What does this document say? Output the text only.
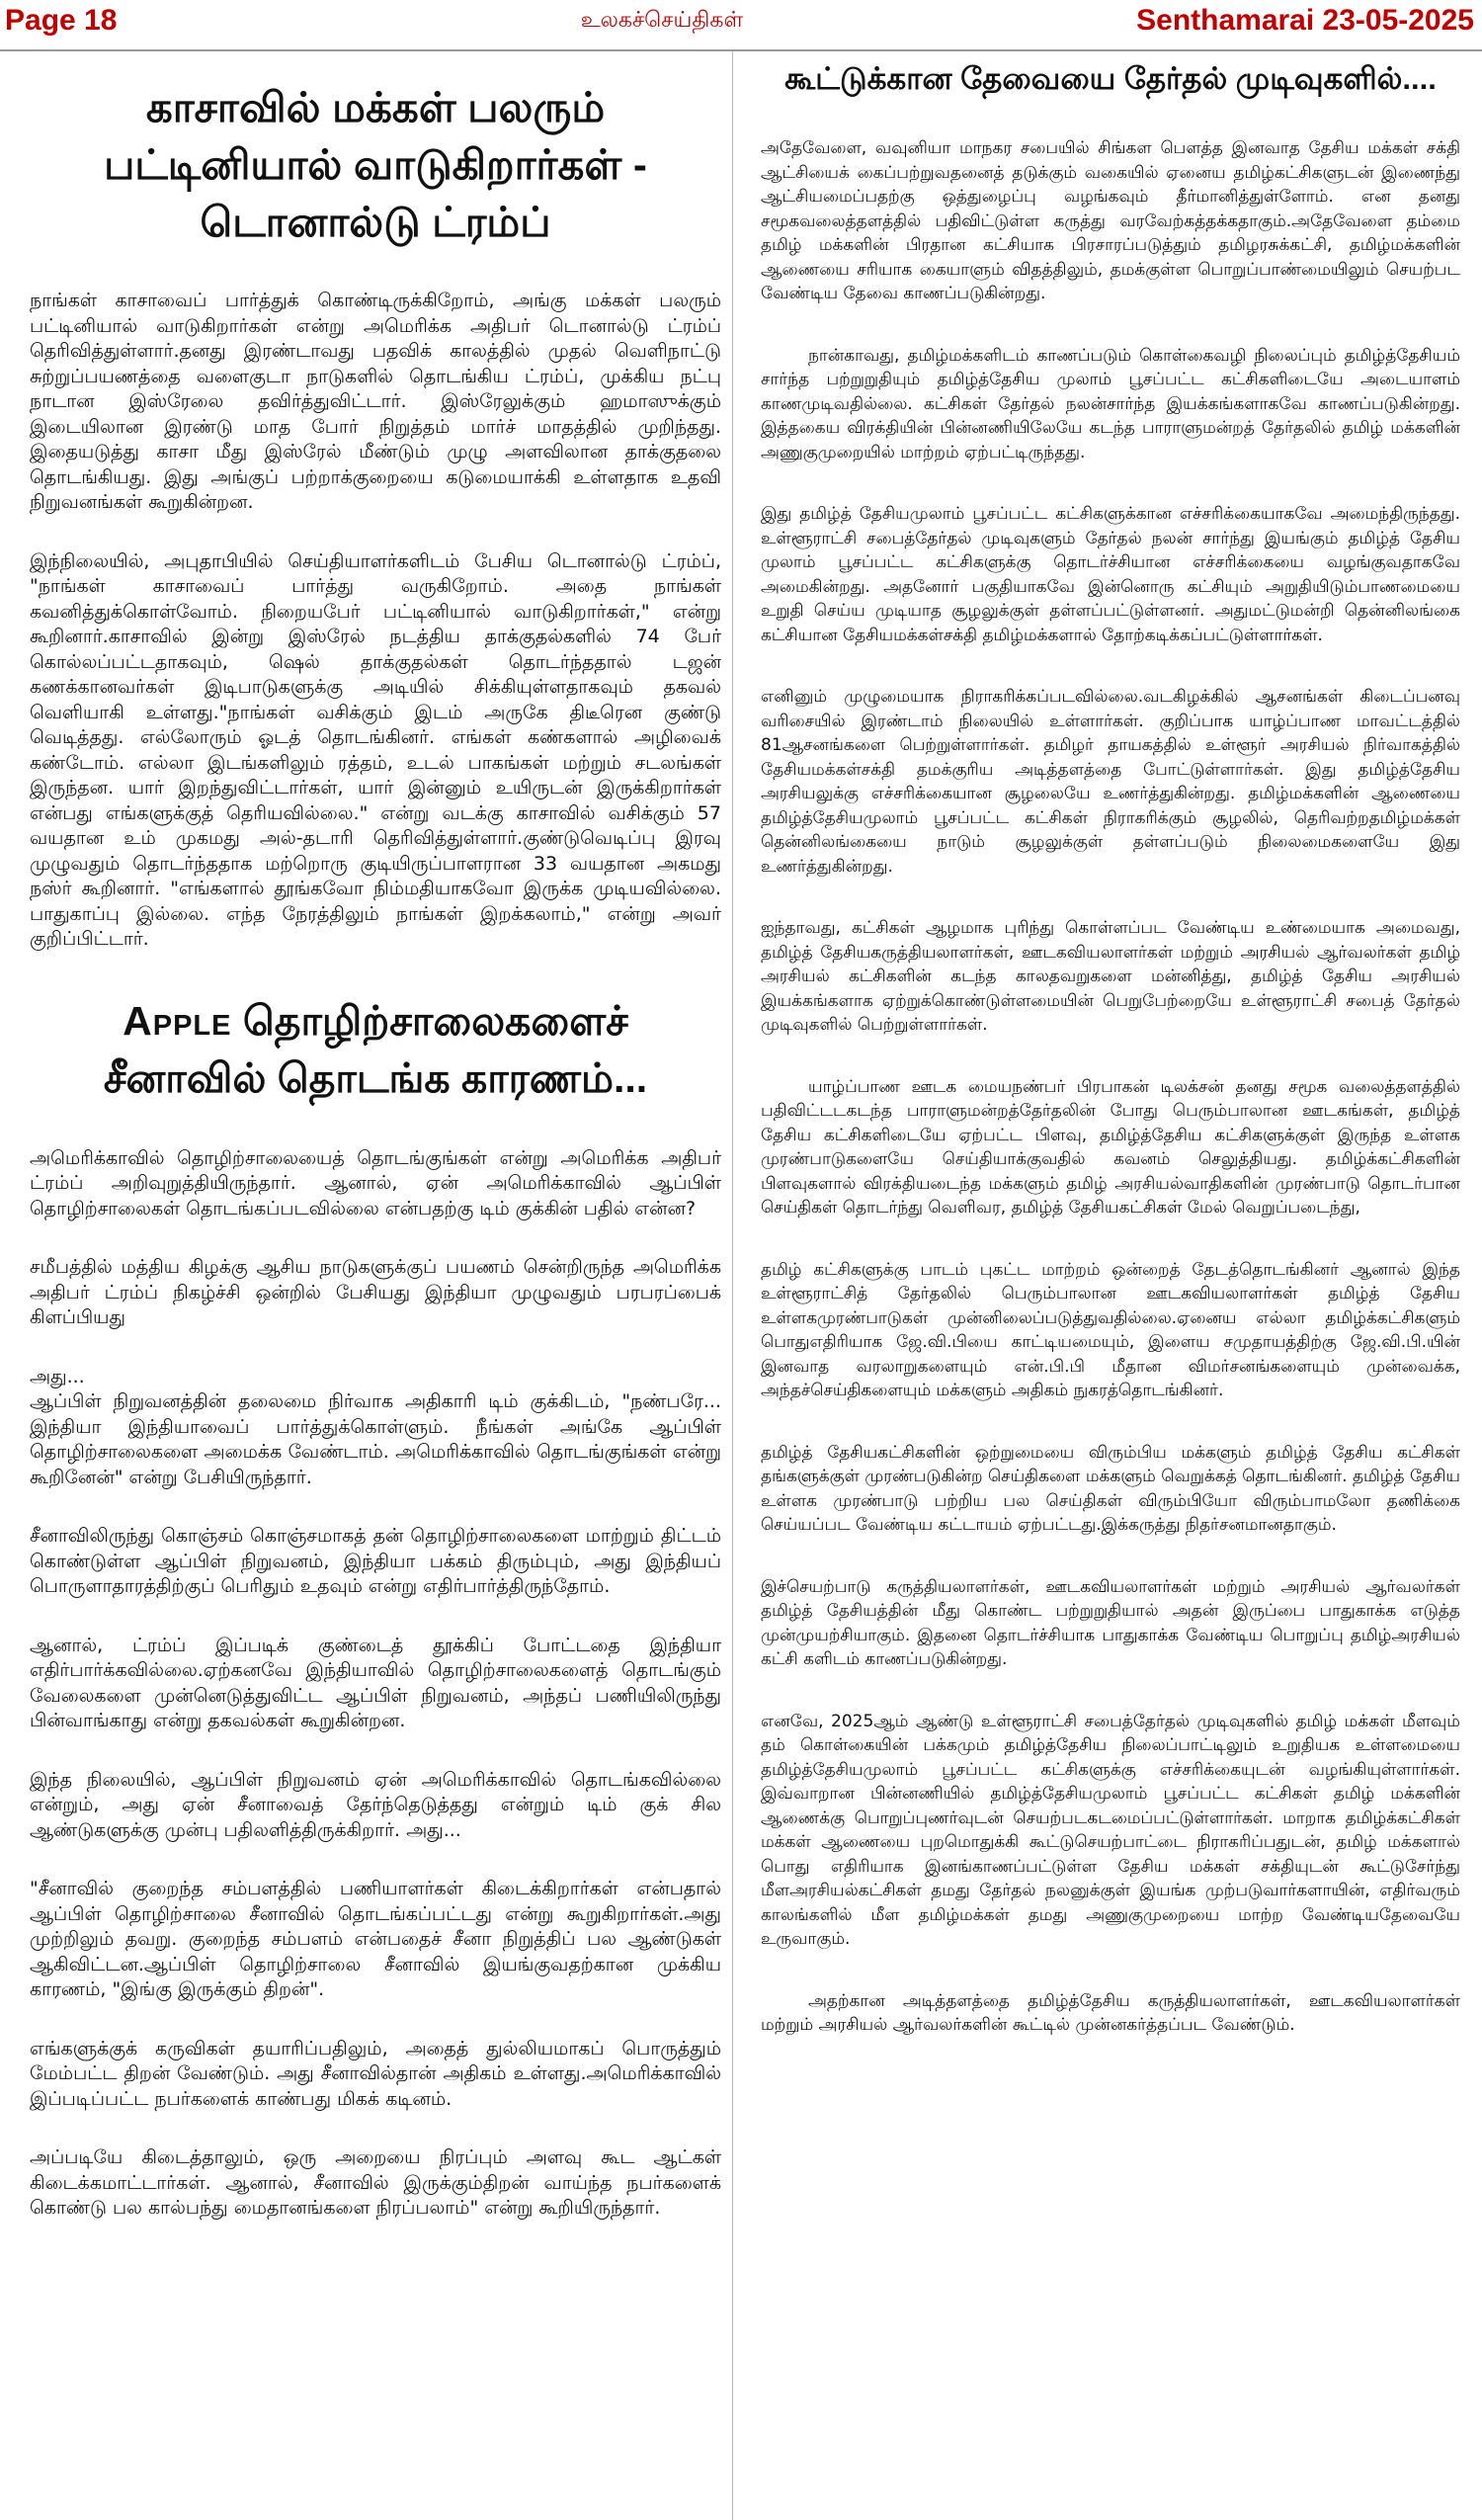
Page 18	உலகச்செய்திகள்	Senthamarai 23-05-2025
காசாவில் மக்கள் பலரும் பட்டினியால் வாடுகிறார்கள் - டொனால்டு ட்ரம்ப்

நாங்கள் காசாவைப் பார்த்துக் கொண்டிருக்கிறோம், அங்கு மக்கள் பலரும் பட்டினியால் வாடுகிறார்கள் என்று அமெரிக்க அதிபர் டொனால்டு ட்ரம்ப் தெரிவித்துள்ளார்.தனது இரண்டாவது பதவிக் காலத்தில் முதல் வெளிநாட்டு சுற்றுப்பயணத்தை வளைகுடா நாடுகளில் தொடங்கிய ட்ரம்ப், முக்கிய நட்பு நாடான இஸ்ரேலை தவிர்த்துவிட்டார். இஸ்ரேலுக்கும் ஹமாஸுக்கும் இடையிலான இரண்டு மாத போர் நிறுத்தம் மார்ச் மாதத்தில் முறிந்தது. இதையடுத்து காசா மீது இஸ்ரேல் மீண்டும் முழு அளவிலான தாக்குதலை தொடங்கியது. இது அங்குப் பற்றாக்குறையை கடுமையாக்கி உள்ளதாக உதவி நிறுவனங்கள் கூறுகின்றன.

இந்நிலையில், அபுதாபியில் செய்தியாளர்களிடம் பேசிய டொனால்டு ட்ரம்ப், "நாங்கள் காசாவைப் பார்த்து வருகிறோம். அதை நாங்கள் கவனித்துக்கொள்வோம். நிறையபேர் பட்டினியால் வாடுகிறார்கள்," என்று கூறினார்.காசாவில் இன்று இஸ்ரேல் நடத்திய தாக்குதல்களில் 74 பேர் கொல்லப்பட்டதாகவும், ஷெல் தாக்குதல்கள் தொடர்ந்ததால் டஜன் கணக்கானவர்கள் இடிபாடுகளுக்கு அடியில் சிக்கியுள்ளதாகவும் தகவல் வெளியாகி உள்ளது."நாங்கள் வசிக்கும் இடம் அருகே திடீரென குண்டு வெடித்தது. எல்லோரும் ஓடத் தொடங்கினர். எங்கள் கண்களால் அழிவைக் கண்டோம். எல்லா இடங்களிலும் ரத்தம், உடல் பாகங்கள் மற்றும் சடலங்கள் இருந்தன. யார் இறந்துவிட்டார்கள், யார் இன்னும் உயிருடன் இருக்கிறார்கள் என்பது எங்களுக்குத் தெரியவில்லை." என்று வடக்கு காசாவில் வசிக்கும் 57 வயதான உம் முகமது அல்-தடாரி தெரிவித்துள்ளார்.குண்டுவெடிப்பு இரவு முழுவதும் தொடர்ந்ததாக மற்றொரு குடியிருப்பாளரான 33 வயதான அகமது நஸ்ர் கூறினார். "எங்களால் தூங்கவோ நிம்மதியாகவோ இருக்க முடியவில்லை. பாதுகாப்பு இல்லை. எந்த நேரத்திலும் நாங்கள் இறக்கலாம்," என்று அவர் குறிப்பிட்டார்.

Apple தொழிற்சாலைகளைச்
சீனாவில் தொடங்க காரணம்...

அமெரிக்காவில் தொழிற்சாலையைத் தொடங்குங்கள் என்று அமெரிக்க அதிபர் ட்ரம்ப் அறிவுறுத்தியிருந்தார். ஆனால், ஏன் அமெரிக்காவில் ஆப்பிள் தொழிற்சாலைகள் தொடங்கப்படவில்லை என்பதற்கு டிம் குக்கின் பதில் என்ன?

சமீபத்தில் மத்திய கிழக்கு ஆசிய நாடுகளுக்குப் பயணம் சென்றிருந்த அமெரிக்க அதிபர் ட்ரம்ப் நிகழ்ச்சி ஒன்றில் பேசியது இந்தியா முழுவதும் பரபரப்பைக் கிளப்பியது

அது...

ஆப்பிள் நிறுவனத்தின் தலைமை நிர்வாக அதிகாரி டிம் குக்கிடம், "நண்பரே... இந்தியா இந்தியாவைப் பார்த்துக்கொள்ளும். நீங்கள் அங்கே ஆப்பிள் தொழிற்சாலைகளை அமைக்க வேண்டாம். அமெரிக்காவில் தொடங்குங்கள் என்று கூறினேன்" என்று பேசியிருந்தார்.

சீனாவிலிருந்து கொஞ்சம் கொஞ்சமாகத் தன் தொழிற்சாலைகளை மாற்றும் திட்டம் கொண்டுள்ள ஆப்பிள் நிறுவனம், இந்தியா பக்கம் திரும்பும், அது இந்தியப் பொருளாதாரத்திற்குப் பெரிதும் உதவும் என்று எதிர்பார்த்திருந்தோம்.

ஆனால், ட்ரம்ப் இப்படிக் குண்டைத் தூக்கிப் போட்டதை இந்தியா எதிர்பார்க்கவில்லை.ஏற்கனவே இந்தியாவில் தொழிற்சாலைகளைத் தொடங்கும் வேலைகளை முன்னெடுத்துவிட்ட ஆப்பிள் நிறுவனம், அந்தப் பணியிலிருந்து பின்வாங்காது என்று தகவல்கள் கூறுகின்றன.

இந்த நிலையில், ஆப்பிள் நிறுவனம் ஏன் அமெரிக்காவில் தொடங்கவில்லை என்றும், அது ஏன் சீனாவைத் தேர்ந்தெடுத்தது என்றும் டிம் குக் சில ஆண்டுகளுக்கு முன்பு பதிலளித்திருக்கிறார். அது...

"சீனாவில் குறைந்த சம்பளத்தில் பணியாளர்கள் கிடைக்கிறார்கள் என்பதால் ஆப்பிள் தொழிற்சாலை சீனாவில் தொடங்கப்பட்டது என்று கூறுகிறார்கள்.அது முற்றிலும் தவறு. குறைந்த சம்பளம் என்பதைச் சீனா நிறுத்திப் பல ஆண்டுகள் ஆகிவிட்டன.ஆப்பிள் தொழிற்சாலை சீனாவில் இயங்குவதற்கான முக்கிய காரணம், "இங்கு இருக்கும் திறன்".

எங்களுக்குக் கருவிகள் தயாரிப்பதிலும், அதைத் துல்லியமாகப் பொருத்தும் மேம்பட்ட திறன் வேண்டும். அது சீனாவில்தான் அதிகம் உள்ளது.அமெரிக்காவில் இப்படிப்பட்ட நபர்களைக் காண்பது மிகக் கடினம்.

அப்படியே கிடைத்தாலும், ஒரு அறையை நிரப்பும் அளவு கூட ஆட்கள் கிடைக்கமாட்டார்கள். ஆனால், சீனாவில் இருக்கும்திறன் வாய்ந்த நபர்களைக் கொண்டு பல கால்பந்து மைதானங்களை நிரப்பலாம்" என்று கூறியிருந்தார்.

கூட்டுக்கான தேவையை தேர்தல் முடிவுகளில்....

அதேவேளை, வவுனியா மாநகர சபையில் சிங்கள பௌத்த இனவாத தேசிய மக்கள் சக்தி ஆட்சியைக் கைப்பற்றுவதனைத் தடுக்கும் வகையில் ஏனைய தமிழ்கட்சிகளுடன் இணைந்து ஆட்சியமைப்பதற்கு ஒத்துழைப்பு வழங்கவும் தீர்மானித்துள்ளோம். என தனது சமூகவலைத்தளத்தில் பதிவிட்டுள்ள கருத்து வரவேற்கத்தக்கதாகும்.அதேவேளை தம்மை தமிழ் மக்களின் பிரதான கட்சியாக பிரசாரப்படுத்தும் தமிழரசுக்கட்சி, தமிழ்மக்களின் ஆணையை சரியாக கையாளும் விதத்திலும், தமக்குள்ள பொறுப்பாண்மையிலும் செயற்பட வேண்டிய தேவை காணப்படுகின்றது.

நான்காவது, தமிழ்மக்களிடம் காணப்படும் கொள்கைவழி நிலைப்பும் தமிழ்த்தேசியம் சார்ந்த பற்றுறுதியும் தமிழ்த்தேசிய முலாம் பூசப்பட்ட கட்சிகளிடையே அடையாளம் காணமுடிவதில்லை. கட்சிகள் தேர்தல் நலன்சார்ந்த இயக்கங்களாகவே காணப்படுகின்றது. இத்தகைய விரக்தியின் பின்னணியிலேயே கடந்த பாராளுமன்றத் தேர்தலில் தமிழ் மக்களின் அணுகுமுறையில் மாற்றம் ஏற்பட்டிருந்தது.

இது தமிழ்த் தேசியமுலாம் பூசப்பட்ட கட்சிகளுக்கான எச்சரிக்கையாகவே அமைந்திருந்தது. உள்ளூராட்சி சபைத்தேர்தல் முடிவுகளும் தேர்தல் நலன் சார்ந்து இயங்கும் தமிழ்த் தேசிய முலாம் பூசப்பட்ட கட்சிகளுக்கு தொடர்ச்சியான எச்சரிக்கையை வழங்குவதாகவே அமைகின்றது. அதனோர் பகுதியாகவே இன்னொரு கட்சியும் அறுதியிடும்பாணமையை உறுதி செய்ய முடியாத சூழலுக்குள் தள்ளப்பட்டுள்ளனர். அதுமட்டுமன்றி தென்னிலங்கை கட்சியான தேசியமக்கள்சக்தி தமிழ்மக்களால் தோற்கடிக்கப்பட்டுள்ளார்கள்.

எனினும் முழுமையாக நிராகரிக்கப்படவில்லை.வடகிழக்கில் ஆசனங்கள் கிடைப்பனவு வரிசையில் இரண்டாம் நிலையில் உள்ளார்கள். குறிப்பாக யாழ்ப்பாண மாவட்டத்தில் 81ஆசனங்களை பெற்றுள்ளார்கள். தமிழர் தாயகத்தில் உள்ளூர் அரசியல் நிர்வாகத்தில் தேசியமக்கள்சக்தி தமக்குரிய அடித்தளத்தை போட்டுள்ளார்கள். இது தமிழ்த்தேசிய அரசியலுக்கு எச்சரிக்கையான சூழலையே உணர்த்துகின்றது. தமிழ்மக்களின் ஆணையை தமிழ்த்தேசியமுலாம் பூசப்பட்ட கட்சிகள் நிராகரிக்கும் சூழலில், தெரிவற்றதமிழ்மக்கள் தென்னிலங்கையை நாடும் சூழலுக்குள் தள்ளப்படும் நிலைமைகளையே இது உணர்த்துகின்றது.

ஐந்தாவது, கட்சிகள் ஆழமாக புரிந்து கொள்ளப்பட வேண்டிய உண்மையாக அமைவது, தமிழ்த் தேசியகருத்தியலாளர்கள், ஊடகவியலாளர்கள் மற்றும் அரசியல் ஆர்வலர்கள் தமிழ் அரசியல் கட்சிகளின் கடந்த காலதவறுகளை மன்னித்து, தமிழ்த் தேசிய அரசியல் இயக்கங்களாக ஏற்றுக்கொண்டுள்ளமையின் பெறுபேற்றையே உள்ளூராட்சி சபைத் தேர்தல் முடிவுகளில் பெற்றுள்ளார்கள்.

யாழ்ப்பாண ஊடக மையநண்பர் பிரபாகன் டிலக்சன் தனது சமூக வலைத்தளத்தில் பதிவிட்டடகடந்த பாராளுமன்றத்தேர்தலின் போது பெரும்பாலான ஊடகங்கள், தமிழ்த் தேசிய கட்சிகளிடையே ஏற்பட்ட பிளவு, தமிழ்த்தேசிய கட்சிகளுக்குள் இருந்த உள்ளக முரண்பாடுகளையே செய்தியாக்குவதில் கவனம் செலுத்தியது. தமிழ்க்கட்சிகளின் பிளவுகளால் விரக்தியடைந்த மக்களும் தமிழ் அரசியல்வாதிகளின் முரண்பாடு தொடர்பான செய்திகள் தொடர்ந்து வெளிவர, தமிழ்த் தேசியகட்சிகள் மேல் வெறுப்படைந்து,

தமிழ் கட்சிகளுக்கு பாடம் புகட்ட மாற்றம் ஒன்றைத் தேடத்தொடங்கினர் ஆனால் இந்த உள்ளூராட்சித் தேர்தலில் பெரும்பாலான ஊடகவியலாளர்கள் தமிழ்த் தேசிய உள்ளகமுரண்பாடுகள் முன்னிலைப்படுத்துவதில்லை.ஏனைய எல்லா தமிழ்க்கட்சிகளும் பொதுஎதிரியாக ஜே.வி.பியை காட்டியமையும், இளைய சமுதாயத்திற்கு ஜே.வி.பி.யின் இனவாத வரலாறுகளையும் என்.பி.பி மீதான விமர்சனங்களையும் முன்வைக்க, அந்தச்செய்திகளையும் மக்களும் அதிகம் நுகரத்தொடங்கினர்.

தமிழ்த் தேசியகட்சிகளின் ஒற்றுமையை விரும்பிய மக்களும் தமிழ்த் தேசிய கட்சிகள் தங்களுக்குள் முரண்படுகின்ற செய்திகளை மக்களும் வெறுக்கத் தொடங்கினர். தமிழ்த் தேசிய உள்ளக முரண்பாடு பற்றிய பல செய்திகள் விரும்பியோ விரும்பாமலோ தணிக்கை செய்யப்பட வேண்டிய கட்டாயம் ஏற்பட்டது.இக்கருத்து நிதர்சனமானதாகும்.

இச்செயற்பாடு கருத்தியலாளர்கள், ஊடகவியலாளர்கள் மற்றும் அரசியல் ஆர்வலர்கள் தமிழ்த் தேசியத்தின் மீது கொண்ட பற்றுறுதியால் அதன் இருப்பை பாதுகாக்க எடுத்த முன்முயற்சியாகும். இதனை தொடர்ச்சியாக பாதுகாக்க வேண்டிய பொறுப்பு தமிழ்அரசியல் கட்சி களிடம் காணப்படுகின்றது.

எனவே, 2025ஆம் ஆண்டு உள்ளூராட்சி சபைத்தேர்தல் முடிவுகளில் தமிழ் மக்கள் மீளவும் தம் கொள்கையின் பக்கமும் தமிழ்த்தேசிய நிலைப்பாட்டிலும் உறுதியக உள்ளமையை தமிழ்த்தேசியமுலாம் பூசப்பட்ட கட்சிகளுக்கு எச்சரிக்கையுடன் வழங்கியுள்ளார்கள். இவ்வாறான பின்னணியில் தமிழ்த்தேசியமுலாம் பூசப்பட்ட கட்சிகள் தமிழ் மக்களின் ஆணைக்கு பொறுப்புணர்வுடன் செயற்படகடமைப்பட்டுள்ளார்கள். மாறாக தமிழ்க்கட்சிகள் மக்கள் ஆணையை புறமொதுக்கி கூட்டுசெயற்பாட்டை நிராகரிப்பதுடன், தமிழ் மக்களால் பொது எதிரியாக இனங்காணப்பட்டுள்ள தேசிய மக்கள் சக்தியுடன் கூட்டுசேர்ந்து மீளஅரசியல்கட்சிகள் தமது தேர்தல் நலனுக்குள் இயங்க முற்படுவார்களாயின், எதிர்வரும் காலங்களில் மீள தமிழ்மக்கள் தமது அணுகுமுறையை மாற்ற வேண்டியதேவையே உருவாகும்.

அதற்கான அடித்தளத்தை தமிழ்த்தேசிய கருத்தியலாளர்கள், ஊடகவியலாளர்கள் மற்றும் அரசியல் ஆர்வலர்களின் கூட்டில் முன்னகர்த்தப்பட வேண்டும்.
